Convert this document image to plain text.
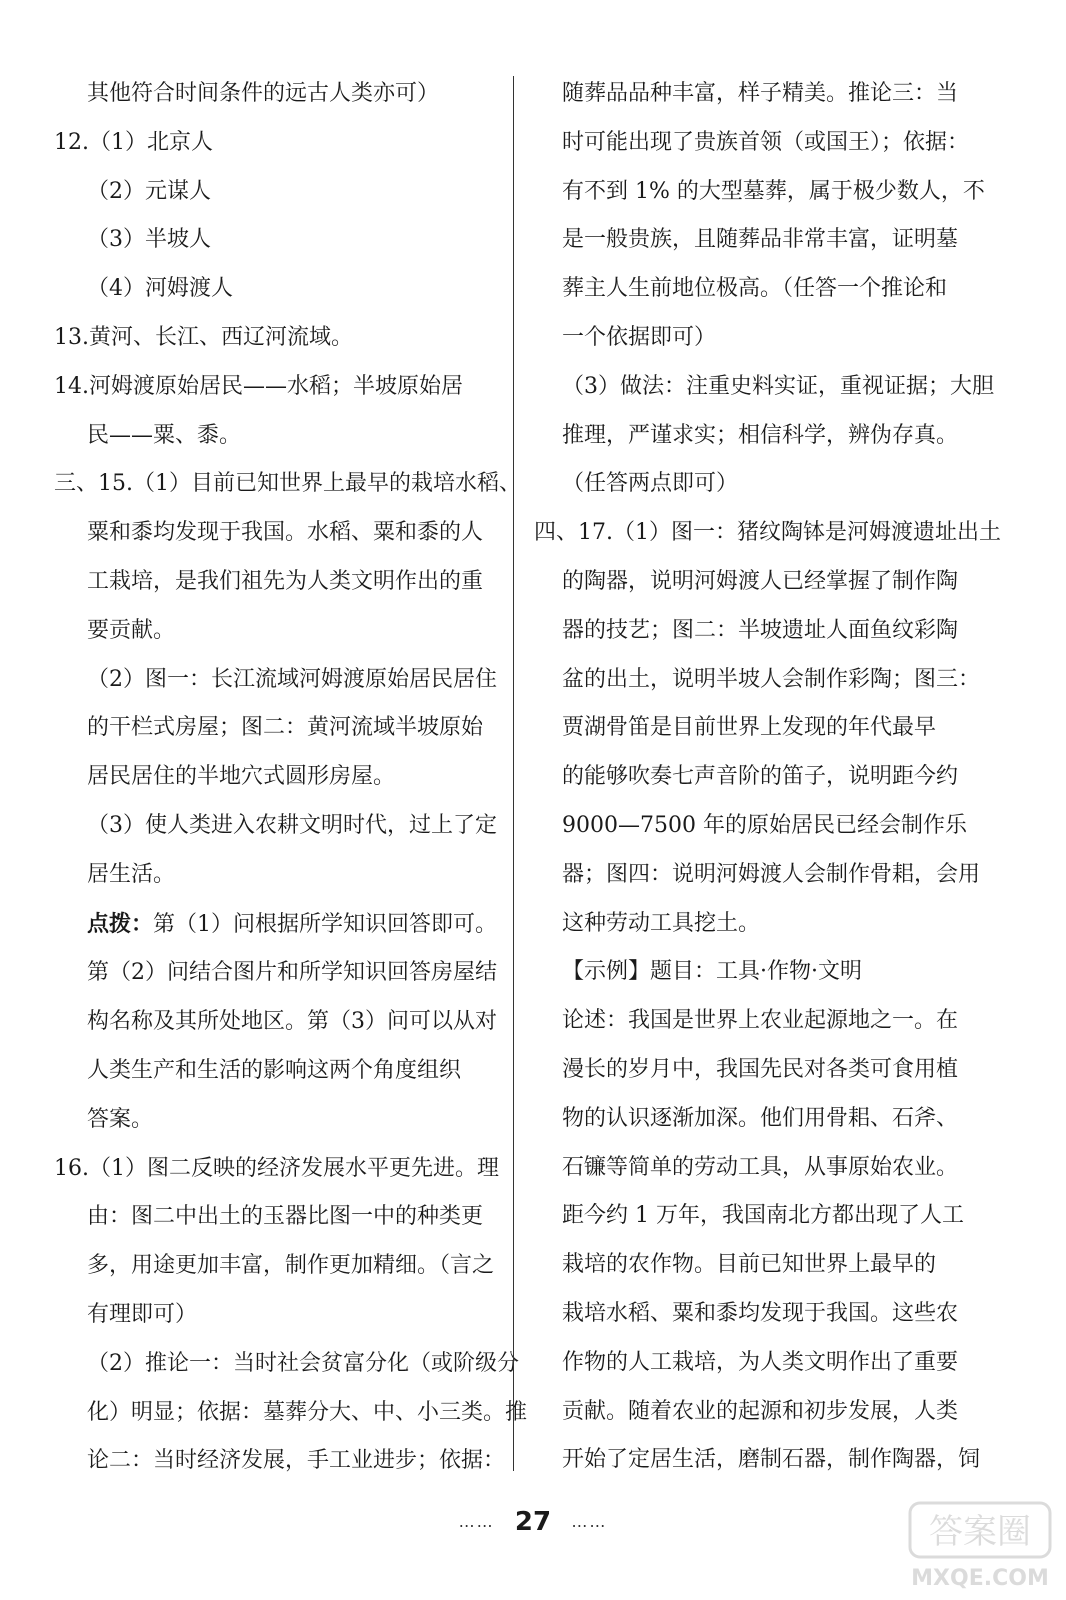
其他符合时间条件的远古人类亦可）

12.（1）北京人

（2）元谋人

（3）半坡人

（4）河姆渡人

13.黄河、长江、西辽河流域。

14.河姆渡原始居民——水稻；半坡原始居

民——粟、黍。

三、15.（1）目前已知世界上最早的栽培水稻、

粟和黍均发现于我国。水稻、粟和黍的人

工栽培，是我们祖先为人类文明作出的重

要贡献。

（2）图一：长江流域河姆渡原始居民居住

的干栏式房屋；图二：黄河流域半坡原始

居民居住的半地穴式圆形房屋。

（3）使人类进入农耕文明时代，过上了定

居生活。

点拨：第（1）问根据所学知识回答即可。

第（2）问结合图片和所学知识回答房屋结

构名称及其所处地区。第（3）问可以从对

人类生产和生活的影响这两个角度组织

答案。

16.（1）图二反映的经济发展水平更先进。理

由：图二中出土的玉器比图一中的种类更

多，用途更加丰富，制作更加精细。（言之

有理即可）

（2）推论一：当时社会贫富分化（或阶级分

化）明显；依据：墓葬分大、中、小三类。推

论二：当时经济发展，手工业进步；依据：

随葬品品种丰富，样子精美。推论三：当

时可能出现了贵族首领（或国王）；依据：

有不到 1% 的大型墓葬，属于极少数人，不

是一般贵族，且随葬品非常丰富，证明墓

葬主人生前地位极高。（任答一个推论和

一个依据即可）

（3）做法：注重史料实证，重视证据；大胆

推理，严谨求实；相信科学，辨伪存真。

（任答两点即可）

四、17.（1）图一：猪纹陶钵是河姆渡遗址出土

的陶器，说明河姆渡人已经掌握了制作陶

器的技艺；图二：半坡遗址人面鱼纹彩陶

盆的出土，说明半坡人会制作彩陶；图三：

贾湖骨笛是目前世界上发现的年代最早

的能够吹奏七声音阶的笛子，说明距今约

9000—7500 年的原始居民已经会制作乐

器；图四：说明河姆渡人会制作骨耜，会用

这种劳动工具挖土。

【示例】题目：工具·作物·文明

论述：我国是世界上农业起源地之一。在

漫长的岁月中，我国先民对各类可食用植

物的认识逐渐加深。他们用骨耜、石斧、

石镰等简单的劳动工具，从事原始农业。

距今约 1 万年，我国南北方都出现了人工

栽培的农作物。目前已知世界上最早的

栽培水稻、粟和黍均发现于我国。这些农

作物的人工栽培，为人类文明作出了重要

贡献。随着农业的起源和初步发展，人类

开始了定居生活，磨制石器，制作陶器，饲

…… 27 ……	答案圈
MXQE.COM
